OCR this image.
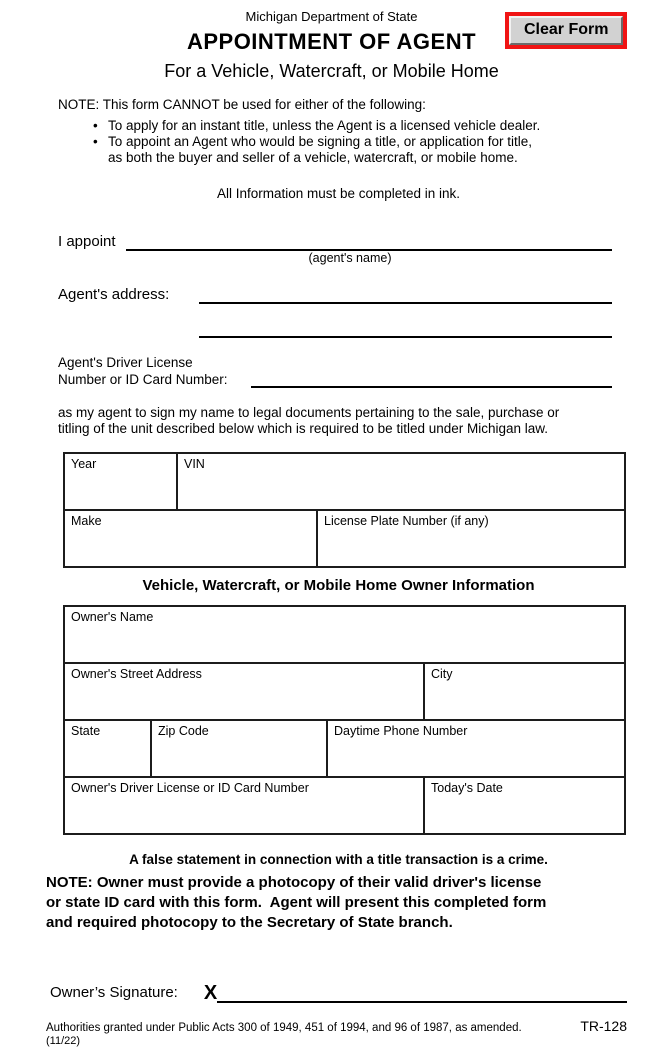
Michigan Department of State
Clear Form
APPOINTMENT OF AGENT
For a Vehicle, Watercraft, or Mobile Home
NOTE: This form CANNOT be used for either of the following:
• To apply for an instant title, unless the Agent is a licensed vehicle dealer.
• To appoint an Agent who would be signing a title, or application for title,
as both the buyer and seller of a vehicle, watercraft, or mobile home.
All Information must be completed in ink.
I appoint
(agent's name)
Agent's address:
Agent's Driver License
Number or ID Card Number:
as my agent to sign my name to legal documents pertaining to the sale, purchase or
titling of the unit described below which is required to be titled under Michigan law.
Year	VIN	

Make		License Plate Number (if any)
Vehicle, Watercraft, or Mobile Home Owner Information
Owner's Name			

Owner's Street Address			City

State	Zip Code	Daytime Phone Number	

Owner's Driver License or ID Card Number			Today's Date
A false statement in connection with a title transaction is a crime.
NOTE: Owner must provide a photocopy of their valid driver's license
or state ID card with this form.  Agent will present this completed form
and required photocopy to the Secretary of State branch.
Owner’s Signature: X
Authorities granted under Public Acts 300 of 1949, 451 of 1994, and 96 of 1987, as amended.	TR-128
(11/22)
